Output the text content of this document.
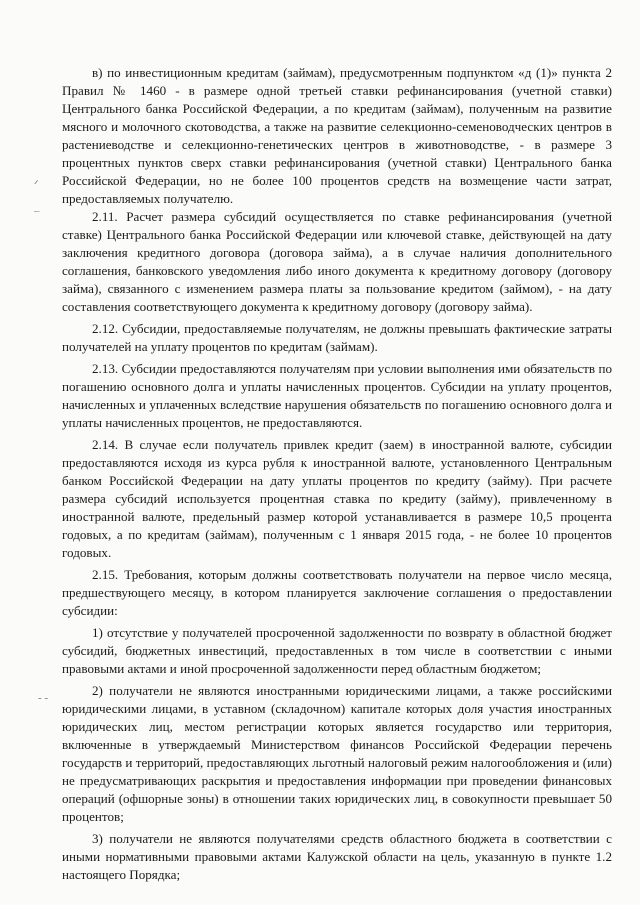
ᐟ
–
- -

в) по инвестиционным кредитам (займам), предусмотренным подпунктом «д (1)» пункта 2 Правил № 1460 - в размере одной третьей ставки рефинансирования (учетной ставки) Центрального банка Российской Федерации, а по кредитам (займам), полученным на развитие мясного и молочного скотоводства, а также на развитие селекционно-семеноводческих центров в растениеводстве и селекционно-генетических центров в животноводстве, - в размере 3 процентных пунктов сверх ставки рефинансирования (учетной ставки) Центрального банка Российской Федерации, но не более 100 процентов средств на возмещение части затрат, предоставляемых получателю.

2.11. Расчет размера субсидий осуществляется по ставке рефинансирования (учетной ставке) Центрального банка Российской Федерации или ключевой ставке, действующей на дату заключения кредитного договора (договора займа), а в случае наличия дополнительного соглашения, банковского уведомления либо иного документа к кредитному договору (договору займа), связанного с изменением размера платы за пользование кредитом (займом), - на дату составления соответствующего документа к кредитному договору (договору займа).

2.12. Субсидии, предоставляемые получателям, не должны превышать фактические затраты получателей на уплату процентов по кредитам (займам).

2.13. Субсидии предоставляются получателям при условии выполнения ими обязательств по погашению основного долга и уплаты начисленных процентов. Субсидии на уплату процентов, начисленных и уплаченных вследствие нарушения обязательств по погашению основного долга и уплаты начисленных процентов, не предоставляются.

2.14. В случае если получатель привлек кредит (заем) в иностранной валюте, субсидии предоставляются исходя из курса рубля к иностранной валюте, установленного Центральным банком Российской Федерации на дату уплаты процентов по кредиту (займу). При расчете размера субсидий используется процентная ставка по кредиту (займу), привлеченному в иностранной валюте, предельный размер которой устанавливается в размере 10,5 процента годовых, а по кредитам (займам), полученным с 1 января 2015 года, - не более 10 процентов годовых.

2.15. Требования, которым должны соответствовать получатели на первое число месяца, предшествующего месяцу, в котором планируется заключение соглашения о предоставлении субсидии:

1) отсутствие у получателей просроченной задолженности по возврату в областной бюджет субсидий, бюджетных инвестиций, предоставленных в том числе в соответствии с иными правовыми актами и иной просроченной задолженности перед областным бюджетом;

2) получатели не являются иностранными юридическими лицами, а также российскими юридическими лицами, в уставном (складочном) капитале которых доля участия иностранных юридических лиц, местом регистрации которых является государство или территория, включенные в утверждаемый Министерством финансов Российской Федерации перечень государств и территорий, предоставляющих льготный налоговый режим налогообложения и (или) не предусматривающих раскрытия и предоставления информации при проведении финансовых операций (офшорные зоны) в отношении таких юридических лиц, в совокупности превышает 50 процентов;

3) получатели не являются получателями средств областного бюджета в соответствии с иными нормативными правовыми актами Калужской области на цель, указанную в пункте 1.2 настоящего Порядка;
